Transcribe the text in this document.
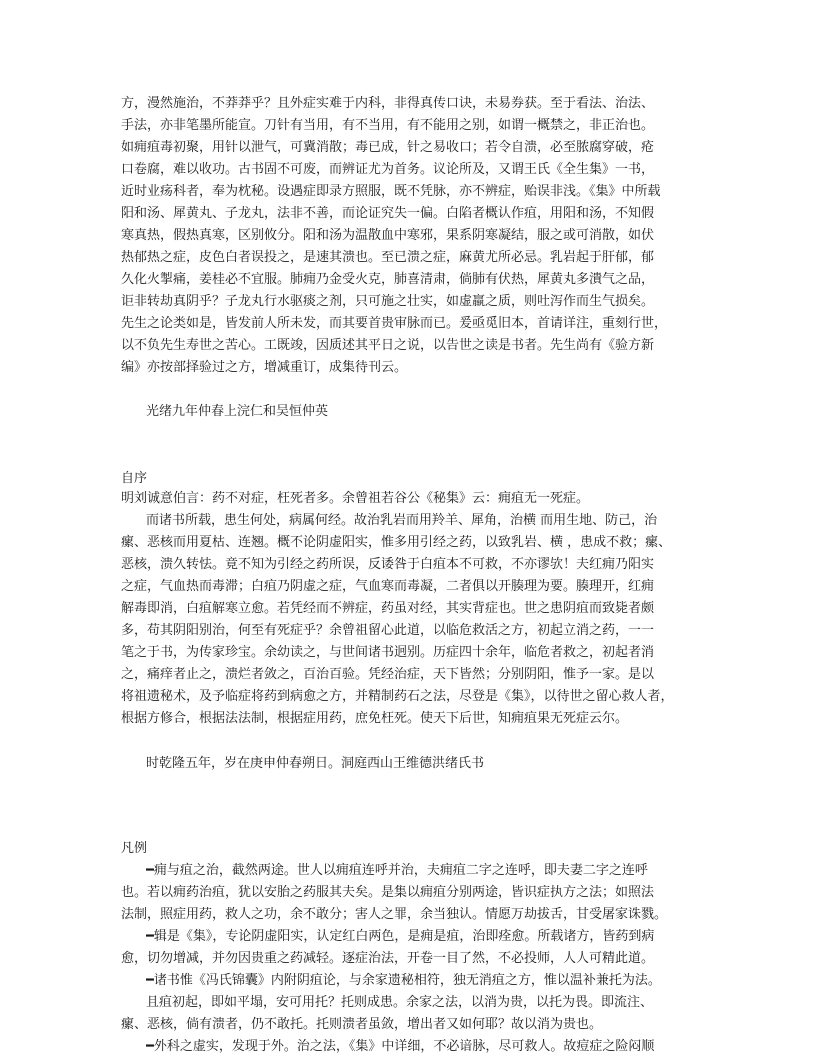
方，漫然施治，不莽莽乎？且外症实难于内科，非得真传口诀，未易券获。至于看法、治法、
手法，亦非笔墨所能宣。刀针有当用，有不当用，有不能用之别，如谓一概禁之，非正治也。
如痈疽毒初聚，用针以泄气，可冀消散；毒已成，针之易收口；若令自溃，必至脓腐穿破，疮
口卷腐，难以收功。古书固不可废，而辨证尤为首务。议论所及，又谓王氏《全生集》一书，
近时业疡科者，奉为枕秘。设遇症即录方照服，既不凭脉，亦不辨症，贻误非浅。《集》中所载
阳和汤、犀黄丸、子龙丸，法非不善，而论证究失一偏。白陷者概认作疽，用阳和汤，不知假
寒真热，假热真寒，区别攸分。阳和汤为温散血中寒邪，果系阴寒凝结，服之或可消散，如伏
热郁热之症，皮色白者误投之，是速其溃也。至已溃之症，麻黄尤所必忌。乳岩起于肝郁，郁
久化火掣痛，姜桂必不宜服。肺痈乃金受火克，肺喜清肃，倘肺有伏热，犀黄丸多潰气之品，
讵非转劫真阴乎？子龙丸行水驱痰之剂，只可施之壮实，如虚羸之质，则吐泻作而生气损矣。
先生之论类如是，皆发前人所未发，而其要首贵审脉而已。爰亟觅旧本，首请详注，重刻行世，
以不负先生寿世之苦心。工既竣，因质述其平日之说，以告世之读是书者。先生尚有《验方新
编》亦按部择验过之方，增减重订，成集待刊云。
光绪九年仲春上浣仁和吴恒仲英
自序
明刘诚意伯言：药不对症，枉死者多。余曾祖若谷公《秘集》云：痈疽无一死症。
而诸书所载，患生何处，病属何经。故治乳岩而用羚羊、犀角，治横 而用生地、防己，治
瘰、恶核而用夏枯、连翘。概不论阴虚阳实，惟多用引经之药，以致乳岩、横 ，患成不救；瘰、
恶核，溃久转怯。竟不知为引经之药所误，反诿咎于白疽本不可救，不亦谬欤！夫红痈乃阳实
之症，气血热而毒滞；白疽乃阴虚之症，气血寒而毒凝，二者俱以开腠理为要。腠理开，红痈
解毒即消，白疽解寒立愈。若凭经而不辨症，药虽对经，其实背症也。世之患阴疽而致毙者颇
多，苟其阴阳别治，何至有死症乎？余曾祖留心此道，以临危救活之方，初起立消之药，一一
笔之于书，为传家珍宝。余幼读之，与世间诸书迥别。历症四十余年，临危者救之，初起者消
之，痛痒者止之，溃烂者敛之，百治百验。凭经治症，天下皆然；分别阴阳，惟予一家。是以
将祖遗秘术，及予临症将药到病愈之方，并精制药石之法，尽登是《集》，以待世之留心救人者，
根据方修合，根据法法制，根据症用药，庶免枉死。使天下后世，知痈疽果无死症云尔。
时乾隆五年，岁在庚申仲春朔日。洞庭西山王维德洪绪氏书
凡例
━痈与疽之治，截然两途。世人以痈疽连呼并治，夫痈疽二字之连呼，即夫妻二字之连呼
也。若以痈药治疽，犹以安胎之药服其夫矣。是集以痈疽分别两途，皆识症执方之法；如照法
法制，照症用药，救人之功，余不敢分；害人之罪，余当独认。情愿万劫拔舌，甘受屠家诛戮。
━辑是《集》，专论阴虚阳实，认定红白两色，是痈是疽，治即痊愈。所载诸方，皆药到病
愈，切勿增减，并勿因贵重之药减轻。逐症治法，开卷一目了然，不必投师，人人可精此道。
━诸书惟《冯氏锦囊》内附阴疽论，与余家遗秘相符，独无消疽之方，惟以温补兼托为法。
且疽初起，即如平塌，安可用托？托则成患。余家之法，以消为贵，以托为畏。即流注、
瘰、恶核，倘有溃者，仍不敢托。托则溃者虽敛，增出者又如何耶？故以消为贵也。
━外科之虚实，发现于外。治之法，《集》中详细，不必谙脉，尽可救人。故痘症之险闷顺
